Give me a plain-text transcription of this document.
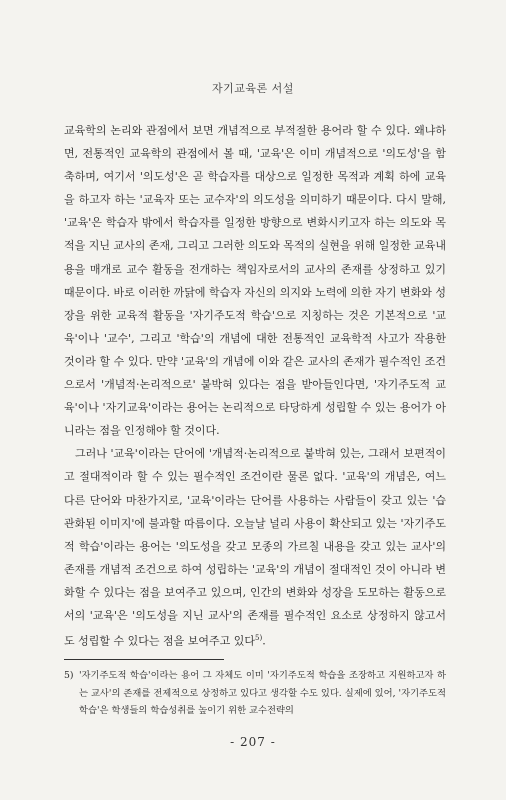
자기교육론 서설

교육학의 논리와 관점에서 보면 개념적으로 부적절한 용어라 할 수 있다. 왜냐하면, 전통적인 교육학의 관점에서 볼 때, '교육'은 이미 개념적으로 '의도성'을 함축하며, 여기서 '의도성'은 곧 학습자를 대상으로 일정한 목적과 계획 하에 교육을 하고자 하는 '교육자 또는 교수자'의 의도성을 의미하기 때문이다. 다시 말해, '교육'은 학습자 밖에서 학습자를 일정한 방향으로 변화시키고자 하는 의도와 목적을 지닌 교사의 존재, 그리고 그러한 의도와 목적의 실현을 위해 일정한 교육내용을 매개로 교수 활동을 전개하는 책임자로서의 교사의 존재를 상정하고 있기 때문이다. 바로 이러한 까닭에 학습자 자신의 의지와 노력에 의한 자기 변화와 성장을 위한 교육적 활동을 '자기주도적 학습'으로 지칭하는 것은 기본적으로 '교육'이나 '교수', 그리고 '학습'의 개념에 대한 전통적인 교육학적 사고가 작용한 것이라 할 수 있다. 만약 '교육'의 개념에 이와 같은 교사의 존재가 필수적인 조건으로서 '개념적·논리적으로' 붙박혀 있다는 점을 받아들인다면, '자기주도적 교육'이나 '자기교육'이라는 용어는 논리적으로 타당하게 성립할 수 있는 용어가 아니라는 점을 인정해야 할 것이다.

그러나 '교육'이라는 단어에 '개념적·논리적으로 붙박혀 있는, 그래서 보편적이고 절대적이라 할 수 있는 필수적인 조건이란 물론 없다. '교육'의 개념은, 여느 다른 단어와 마찬가지로, '교육'이라는 단어를 사용하는 사람들이 갖고 있는 '습관화된 이미지'에 불과할 따름이다. 오늘날 널리 사용이 확산되고 있는 '자기주도적 학습'이라는 용어는 '의도성을 갖고 모종의 가르칠 내용을 갖고 있는 교사'의 존재를 개념적 조건으로 하여 성립하는 '교육'의 개념이 절대적인 것이 아니라 변화할 수 있다는 점을 보여주고 있으며, 인간의 변화와 성장을 도모하는 활동으로서의 '교육'은 '의도성을 지닌 교사'의 존재를 필수적인 요소로 상정하지 않고서도 성립할 수 있다는 점을 보여주고 있다$^{5)}$.

5) '자기주도적 학습'이라는 용어 그 자체도 이미 '자기주도적 학습을 조장하고 지원하고자 하는 교사'의 존재를 전제적으로 상정하고 있다고 생각할 수도 있다. 실제에 있어, '자기주도적 학습'은 학생들의 학습성취를 높이기 위한 교수전략의
- 207 -
